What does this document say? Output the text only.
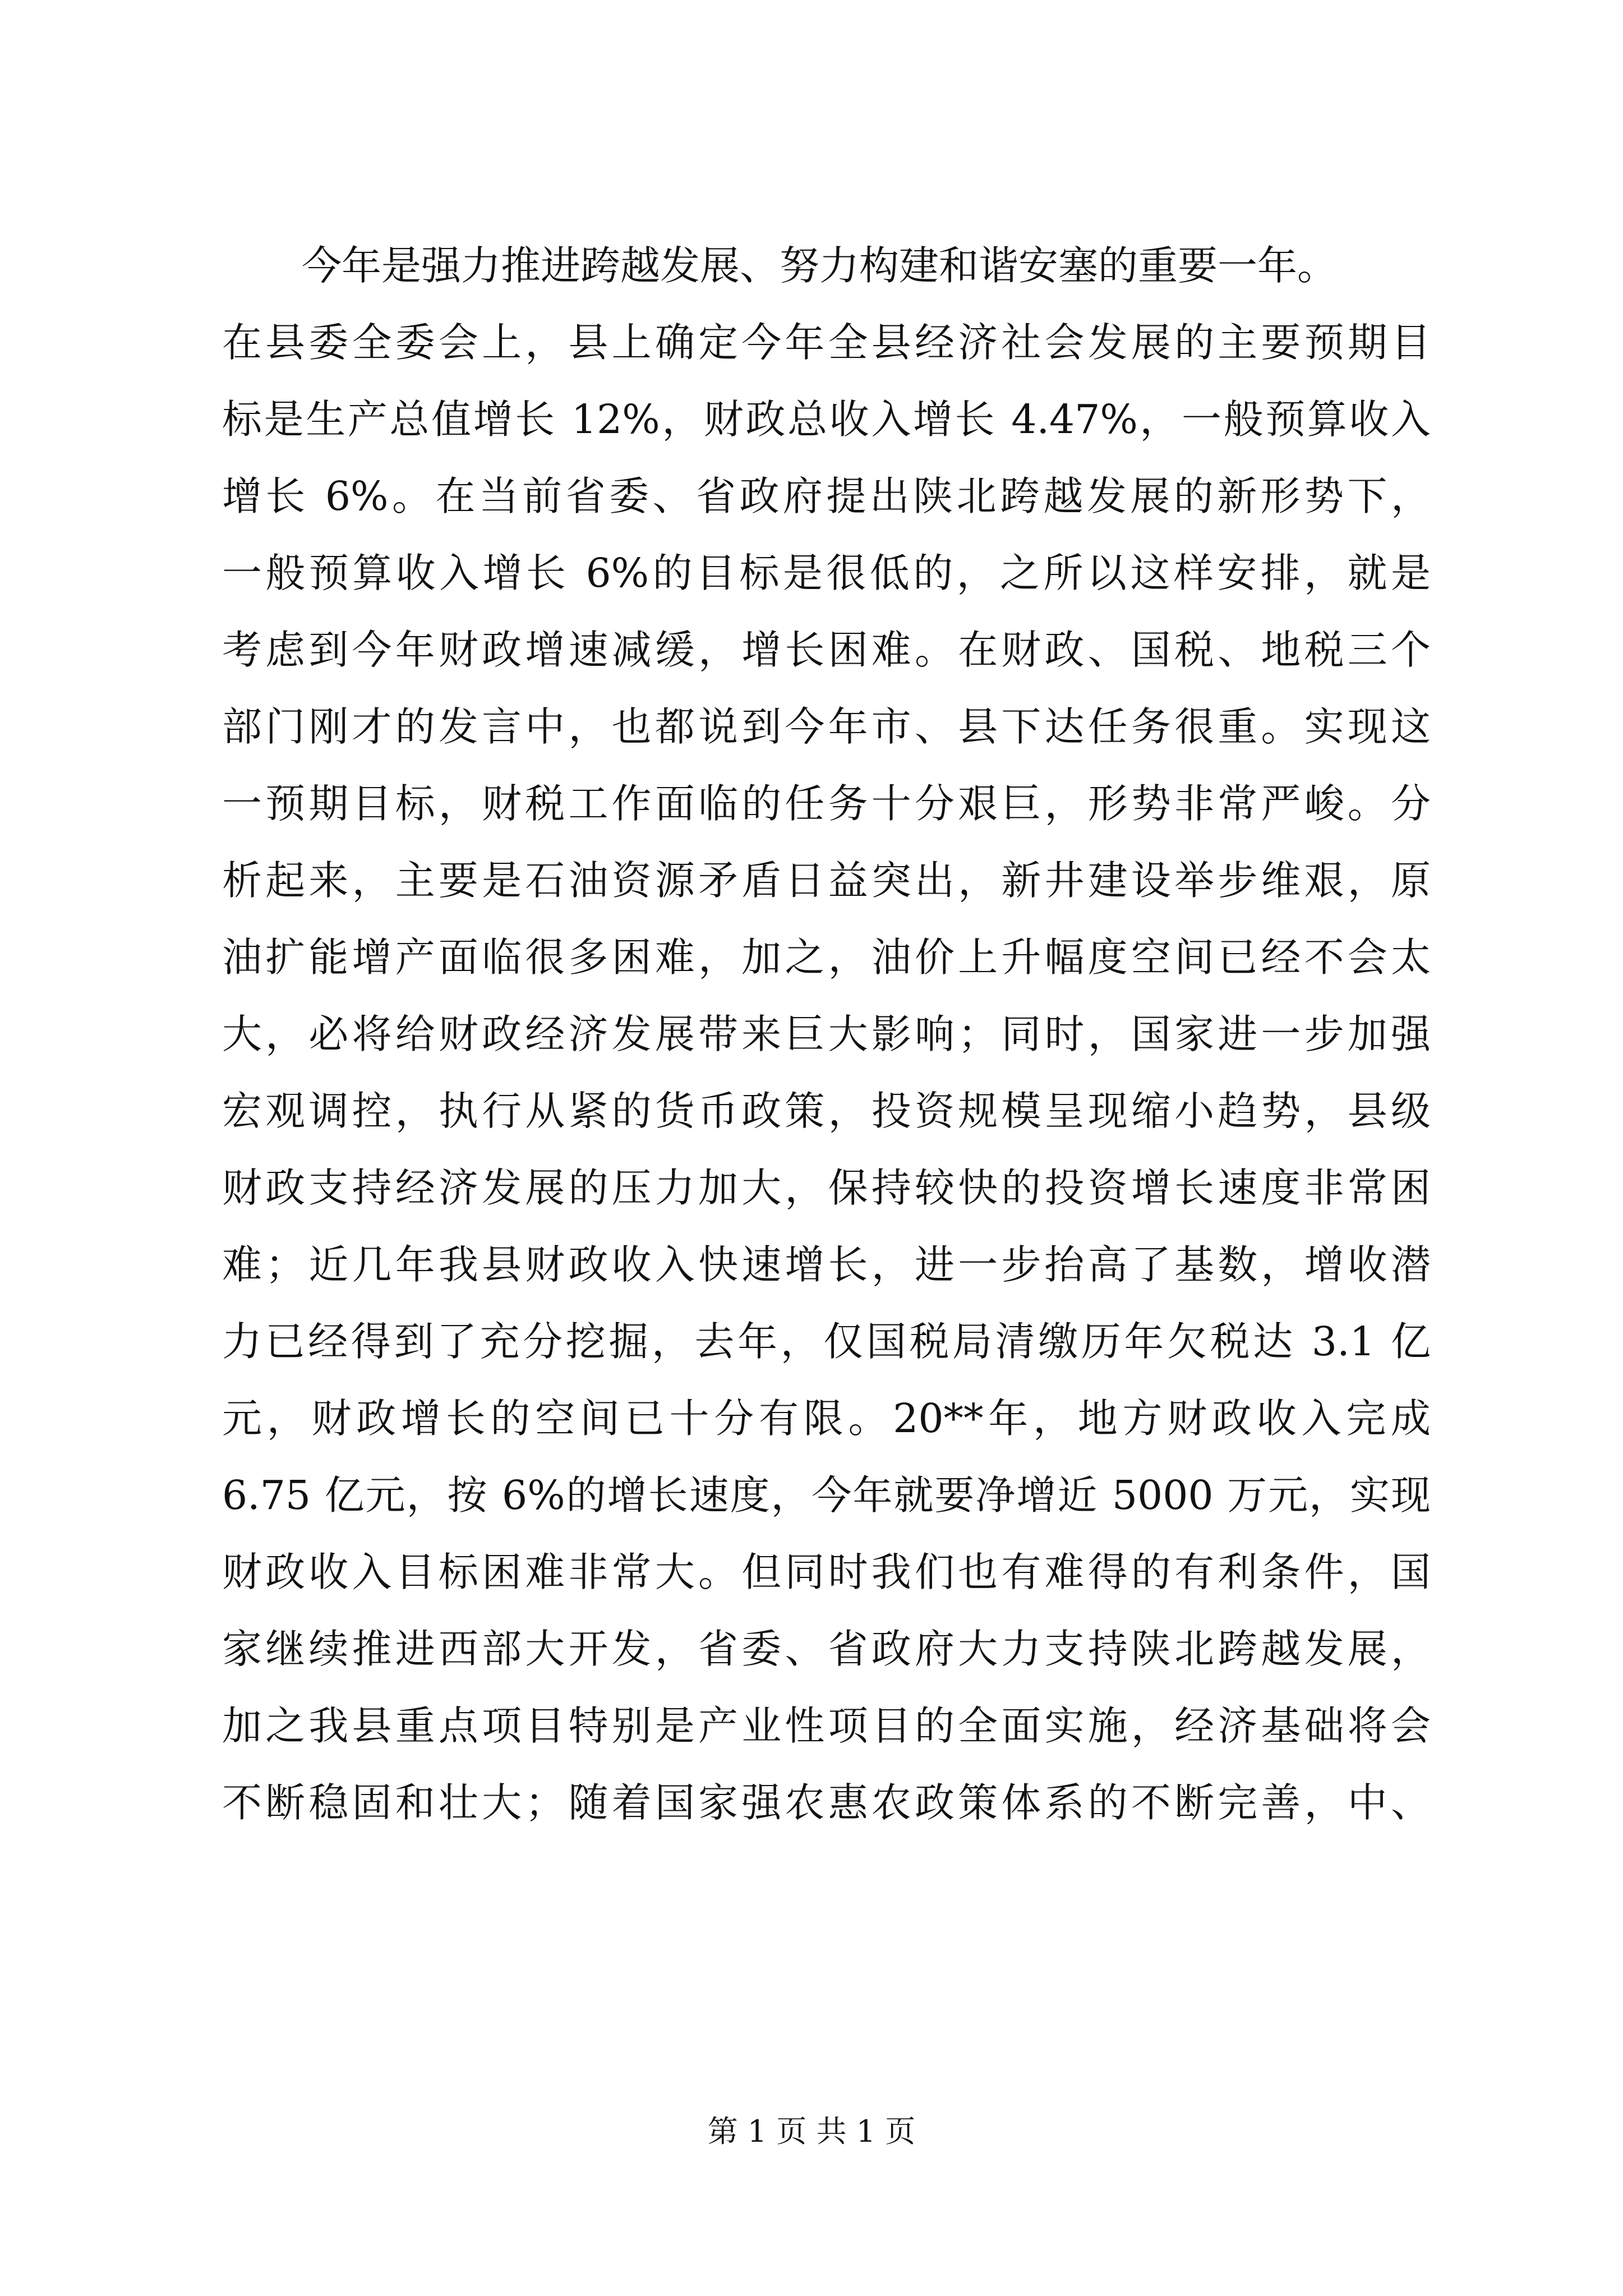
今年是强力推进跨越发展、努力构建和谐安塞的重要一年。
在县委全委会上，县上确定今年全县经济社会发展的主要预期目
标是生产总值增长 12%，财政总收入增长 4.47%，一般预算收入
增长 6%。在当前省委、省政府提出陕北跨越发展的新形势下，
一般预算收入增长 6%的目标是很低的，之所以这样安排，就是
考虑到今年财政增速减缓，增长困难。在财政、国税、地税三个
部门刚才的发言中，也都说到今年市、县下达任务很重。实现这
一预期目标，财税工作面临的任务十分艰巨，形势非常严峻。分
析起来，主要是石油资源矛盾日益突出，新井建设举步维艰，原
油扩能增产面临很多困难，加之，油价上升幅度空间已经不会太
大，必将给财政经济发展带来巨大影响；同时，国家进一步加强
宏观调控，执行从紧的货币政策，投资规模呈现缩小趋势，县级
财政支持经济发展的压力加大，保持较快的投资增长速度非常困
难；近几年我县财政收入快速增长，进一步抬高了基数，增收潜
力已经得到了充分挖掘，去年，仅国税局清缴历年欠税达 3.1 亿
元，财政增长的空间已十分有限。20**年，地方财政收入完成
6.75 亿元，按 6%的增长速度，今年就要净增近 5000 万元，实现
财政收入目标困难非常大。但同时我们也有难得的有利条件，国
家继续推进西部大开发，省委、省政府大力支持陕北跨越发展，
加之我县重点项目特别是产业性项目的全面实施，经济基础将会
不断稳固和壮大；随着国家强农惠农政策体系的不断完善，中、
第 1 页 共 1 页
